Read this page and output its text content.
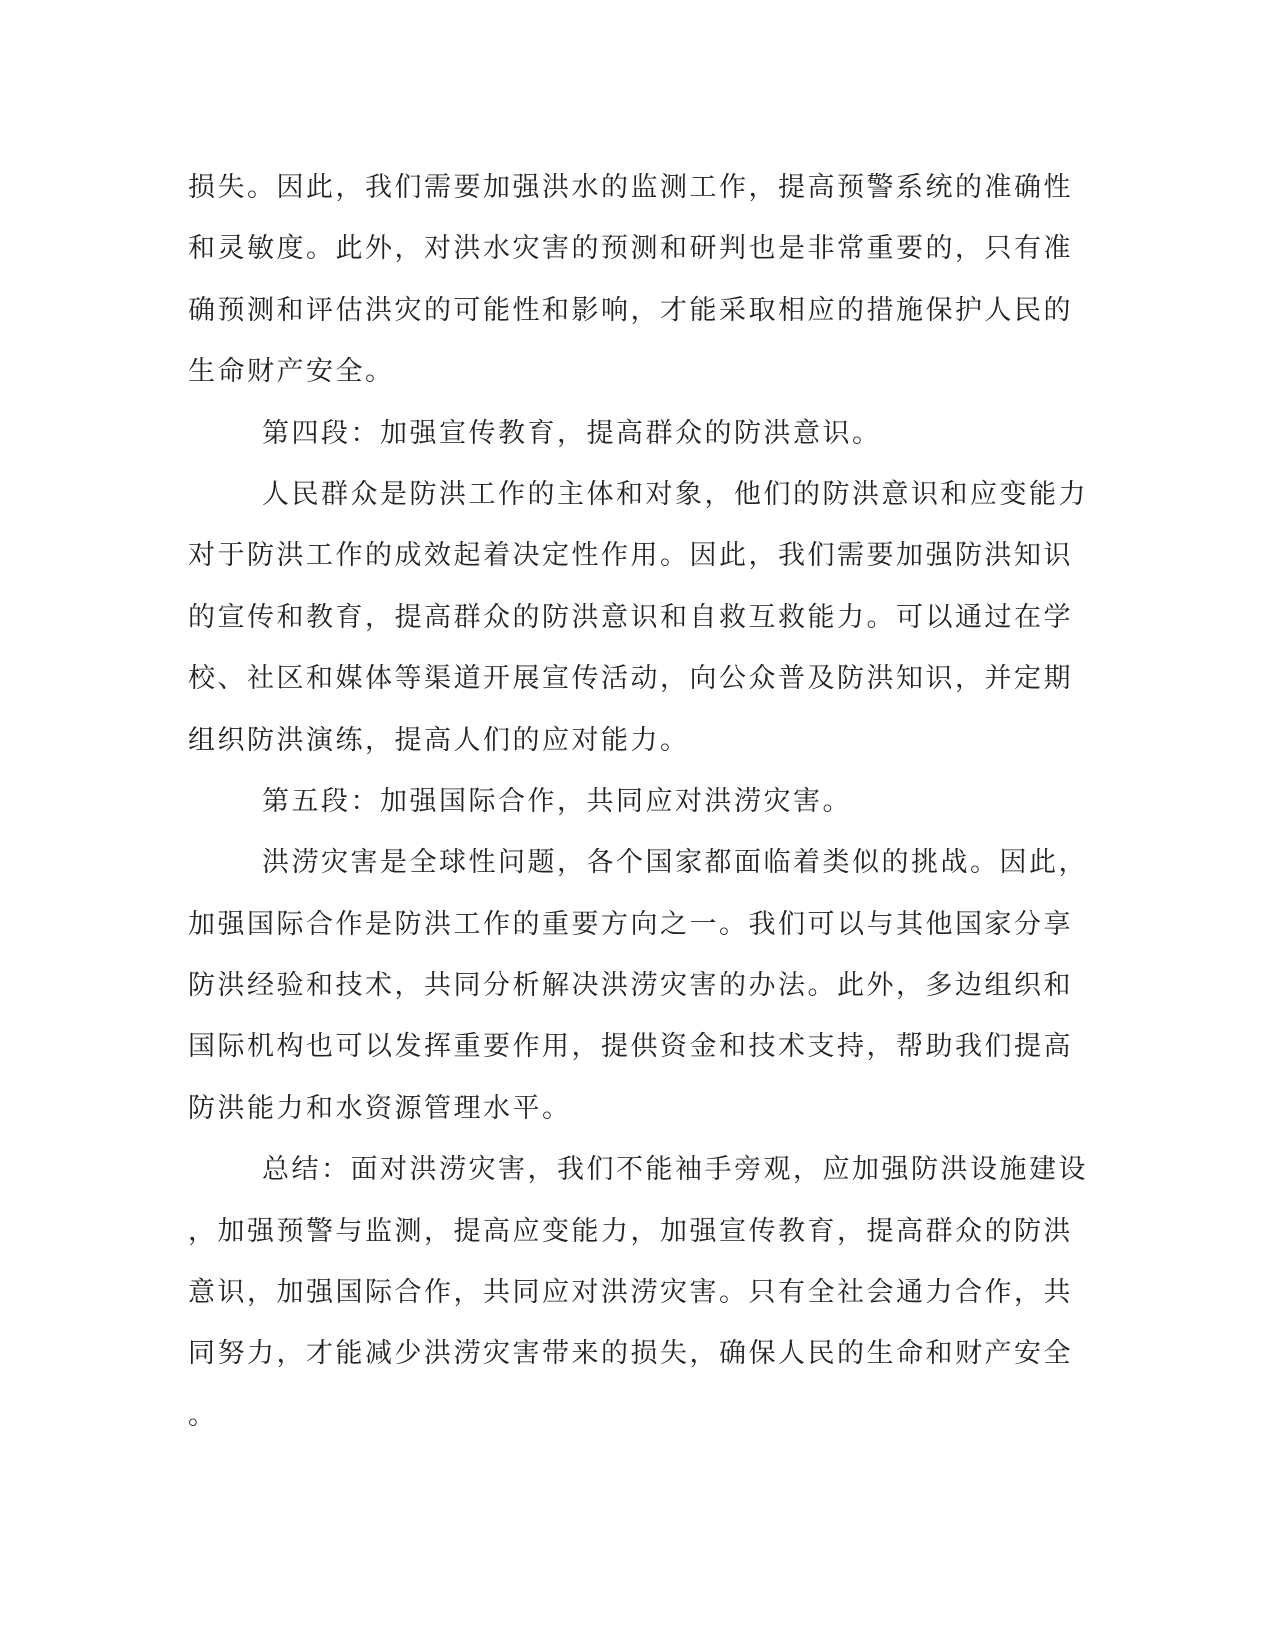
损失。因此，我们需要加强洪水的监测工作，提高预警系统的准确性
和灵敏度。此外，对洪水灾害的预测和研判也是非常重要的，只有准
确预测和评估洪灾的可能性和影响，才能采取相应的措施保护人民的
生命财产安全。
第四段：加强宣传教育，提高群众的防洪意识。
人民群众是防洪工作的主体和对象，他们的防洪意识和应变能力
对于防洪工作的成效起着决定性作用。因此，我们需要加强防洪知识
的宣传和教育，提高群众的防洪意识和自救互救能力。可以通过在学
校、社区和媒体等渠道开展宣传活动，向公众普及防洪知识，并定期
组织防洪演练，提高人们的应对能力。
第五段：加强国际合作，共同应对洪涝灾害。
洪涝灾害是全球性问题，各个国家都面临着类似的挑战。因此，
加强国际合作是防洪工作的重要方向之一。我们可以与其他国家分享
防洪经验和技术，共同分析解决洪涝灾害的办法。此外，多边组织和
国际机构也可以发挥重要作用，提供资金和技术支持，帮助我们提高
防洪能力和水资源管理水平。
总结：面对洪涝灾害，我们不能袖手旁观，应加强防洪设施建设
，加强预警与监测，提高应变能力，加强宣传教育，提高群众的防洪
意识，加强国际合作，共同应对洪涝灾害。只有全社会通力合作，共
同努力，才能减少洪涝灾害带来的损失，确保人民的生命和财产安全
。
